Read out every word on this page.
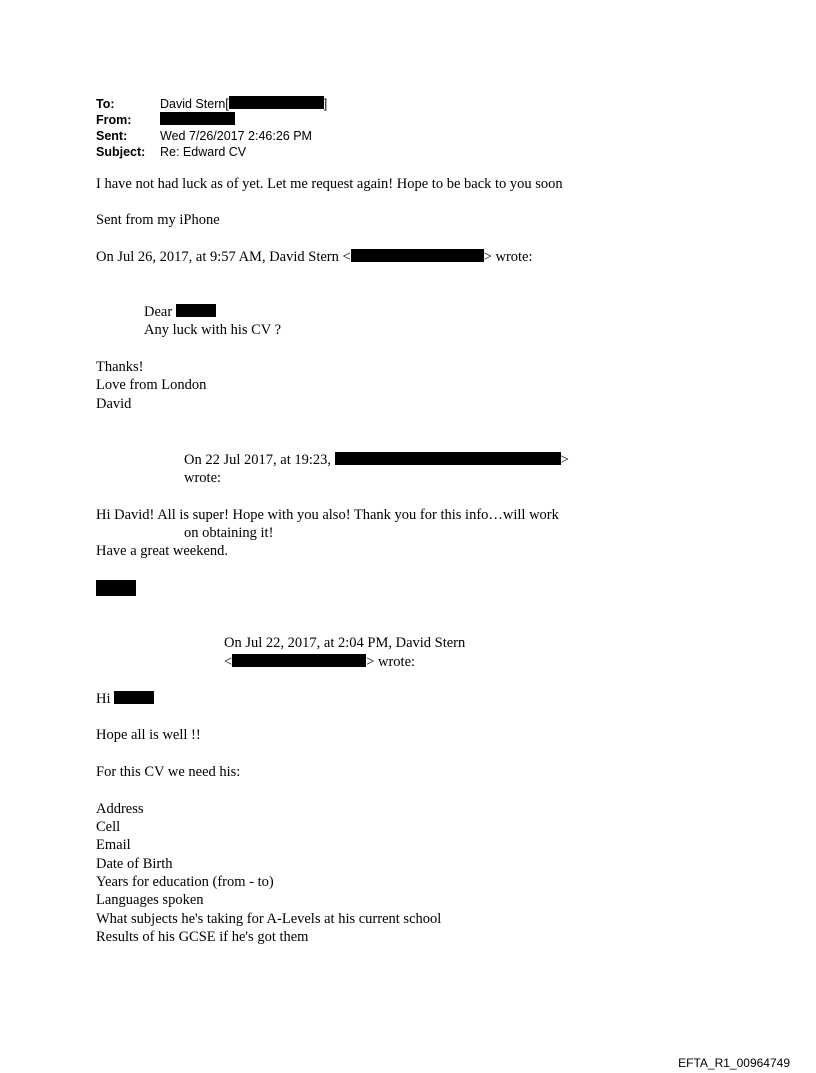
To:	David Stern[	]
From:
Sent:	Wed 7/26/2017 2:46:26 PM
Subject: Re: Edward CV
I have not had luck as of yet. Let me request again! Hope to be back to you soon
Sent from my iPhone
On Jul 26, 2017, at 9:57 AM, David Stern <	> wrote:
Dear
Any luck with his CV ?
Thanks!
Love from London
David
On 22 Jul 2017, at 19:23,	>
wrote:
Hi David! All is super! Hope with you also! Thank you for this info…will work
on obtaining it!
Have a great weekend.
On Jul 22, 2017, at 2:04 PM, David Stern
<	> wrote:
Hi
Hope all is well !!
For this CV we need his:
Address
Cell
Email
Date of Birth
Years for education (from - to)
Languages spoken
What subjects he's taking for A-Levels at his current school
Results of his GCSE if he's got them
EFTA_R1_00964749
